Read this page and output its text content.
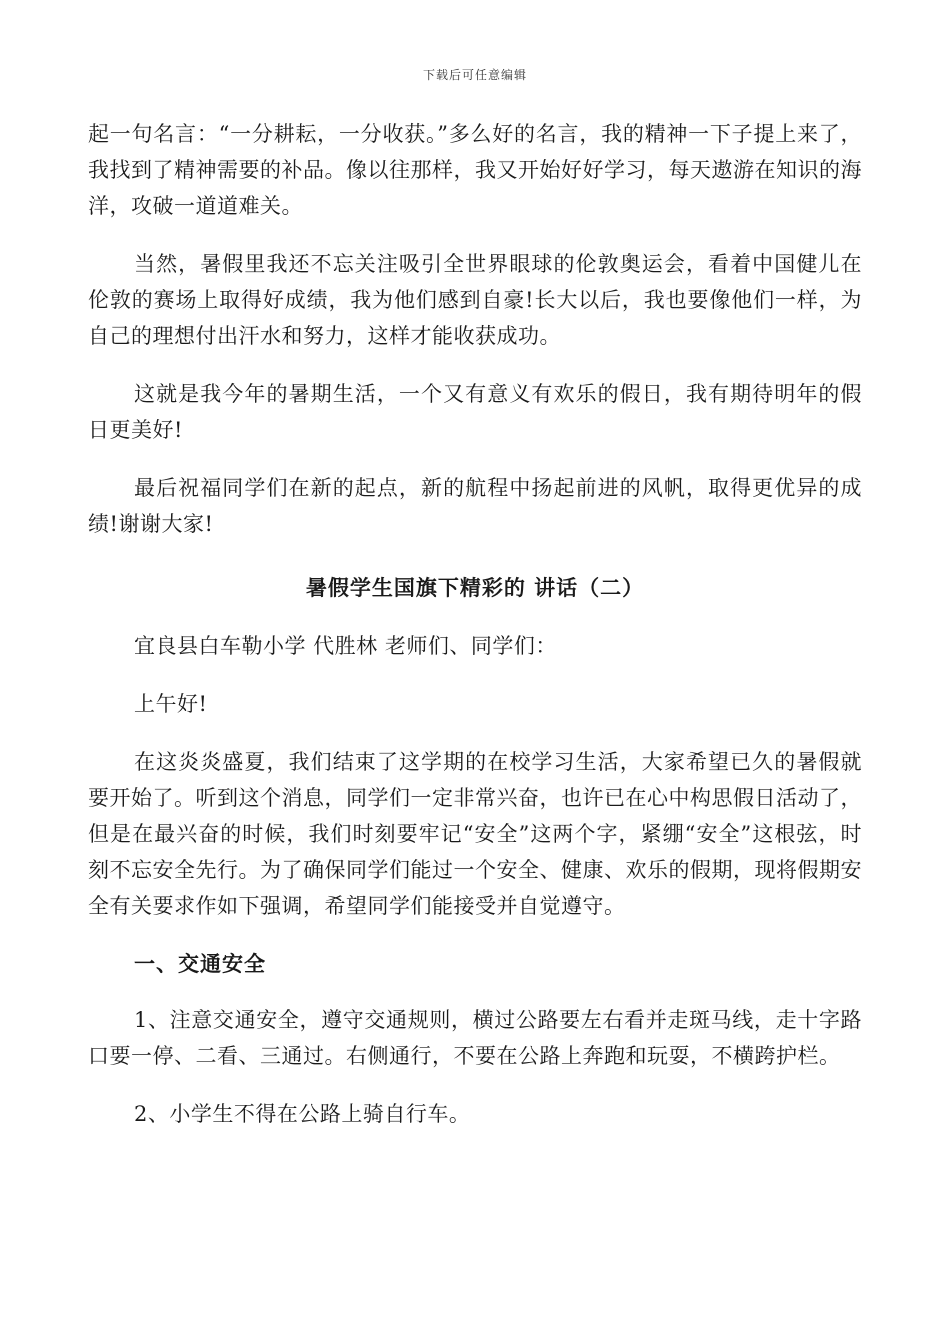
下载后可任意编辑

起一句名言：“一分耕耘，一分收获。”多么好的名言，我的精神一下子提上来了，我找到了精神需要的补品。像以往那样，我又开始好好学习，每天遨游在知识的海洋，攻破一道道难关。

当然，暑假里我还不忘关注吸引全世界眼球的伦敦奥运会，看着中国健儿在伦敦的赛场上取得好成绩，我为他们感到自豪!长大以后，我也要像他们一样，为自己的理想付出汗水和努力，这样才能收获成功。

这就是我今年的暑期生活，一个又有意义有欢乐的假日，我有期待明年的假日更美好!

最后祝福同学们在新的起点，新的航程中扬起前进的风帆，取得更优异的成绩!谢谢大家!

暑假学生国旗下精彩的 讲话（二）

宜良县白车勒小学 代胜林 老师们、同学们：

上午好!

在这炎炎盛夏，我们结束了这学期的在校学习生活，大家希望已久的暑假就要开始了。听到这个消息，同学们一定非常兴奋，也许已在心中构思假日活动了，但是在最兴奋的时候，我们时刻要牢记“安全”这两个字，紧绷“安全”这根弦，时刻不忘安全先行。为了确保同学们能过一个安全、健康、欢乐的假期，现将假期安全有关要求作如下强调，希望同学们能接受并自觉遵守。

一、交通安全

1、注意交通安全，遵守交通规则，横过公路要左右看并走斑马线，走十字路口要一停、二看、三通过。右侧通行，不要在公路上奔跑和玩耍，不横跨护栏。

2、小学生不得在公路上骑自行车。
